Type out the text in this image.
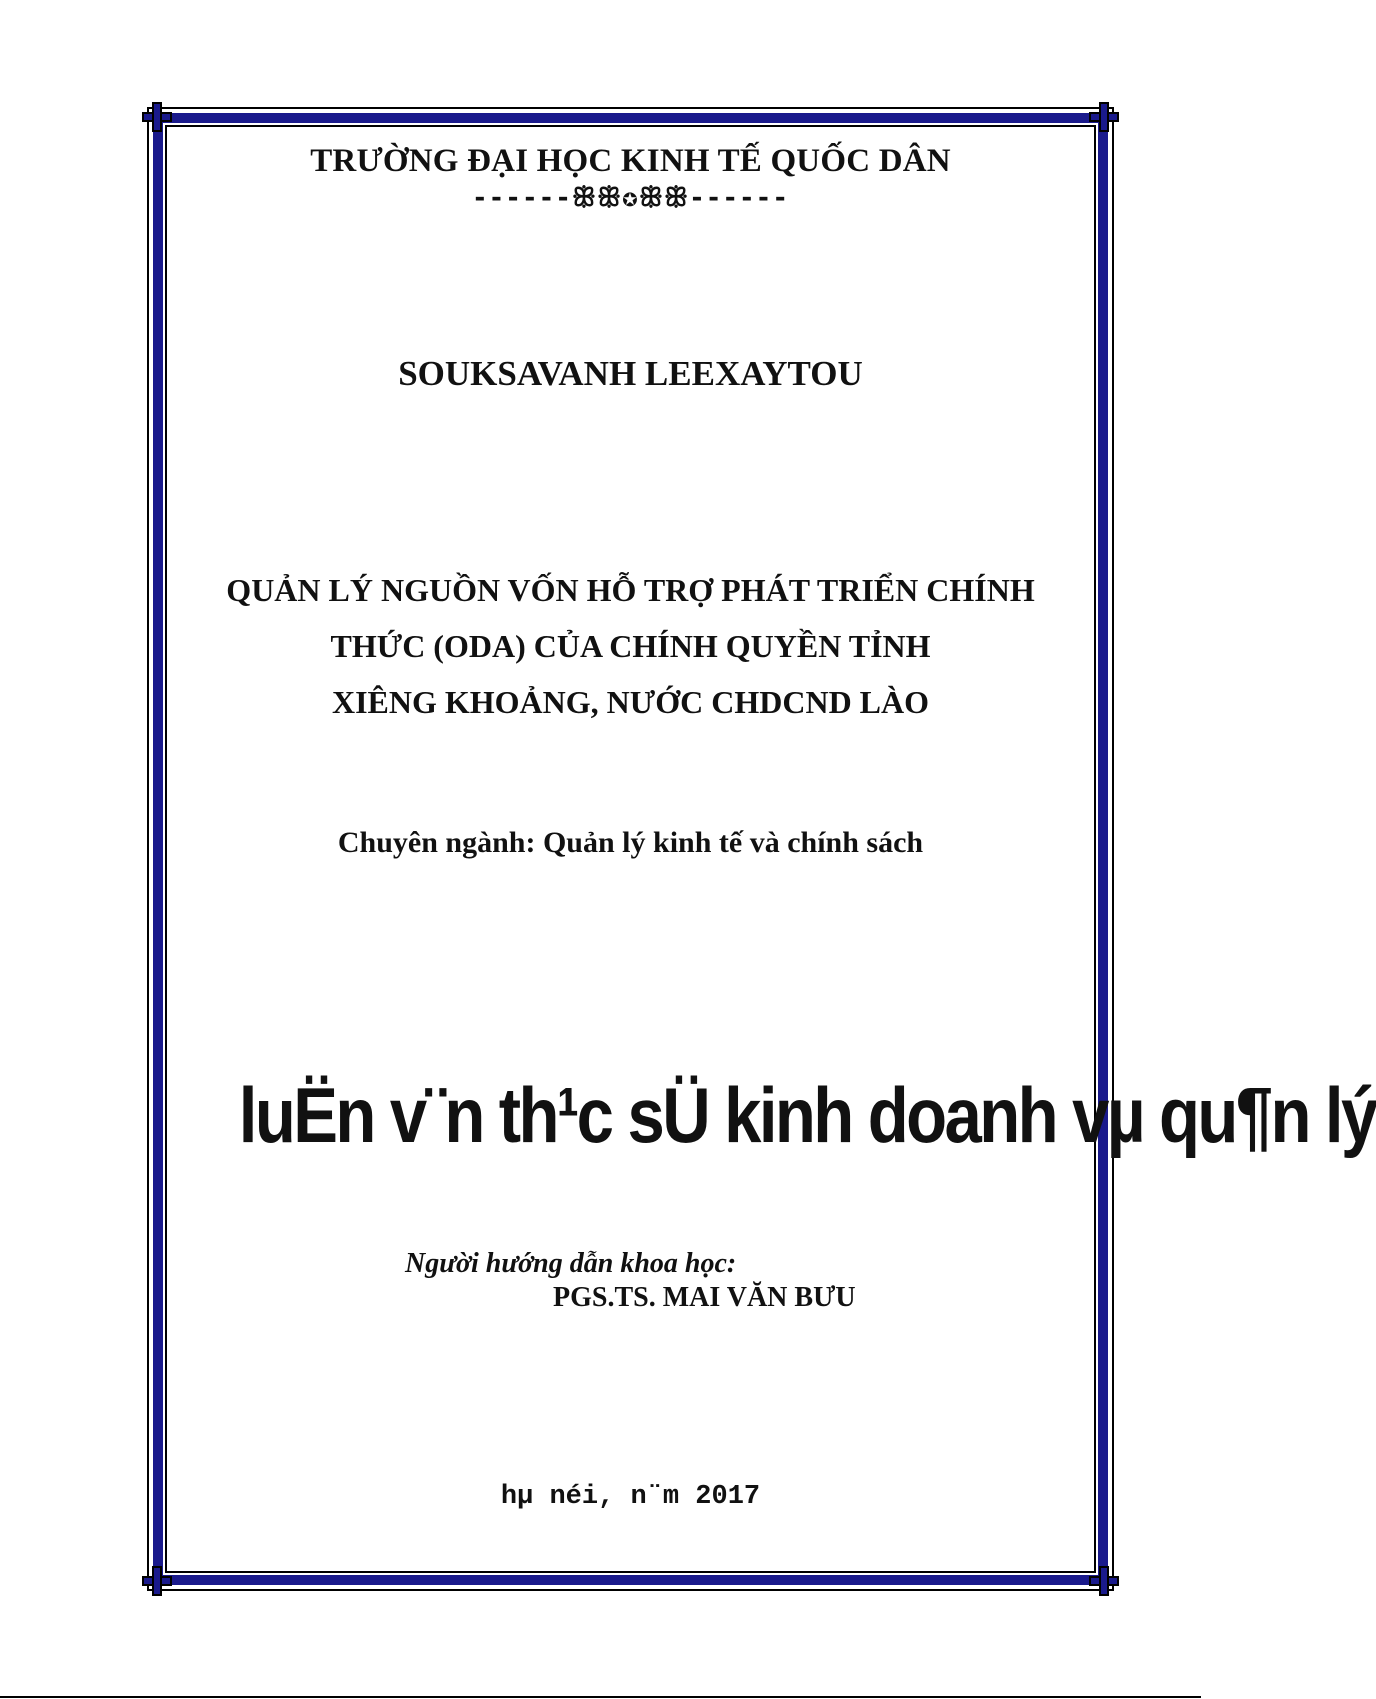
TRƯỜNG ĐẠI HỌC KINH TẾ QUỐC DÂN

------ꕥꕥ✪ꕥꕥ------

SOUKSAVANH LEEXAYTOU

QUẢN LÝ NGUỒN VỐN HỖ TRỢ PHÁT TRIỂN CHÍNH
THỨC (ODA) CỦA CHÍNH QUYỀN TỈNH
XIÊNG KHOẢNG, NƯỚC CHDCND LÀO

Chuyên ngành: Quản lý kinh tế và chính sách

luËn v¨n th¹c sÜ kinh doanh vµ qu¶n lý

Người hướng dẫn khoa học:

PGS.TS. MAI VĂN BƯU

hµ néi, n¨m 2017
